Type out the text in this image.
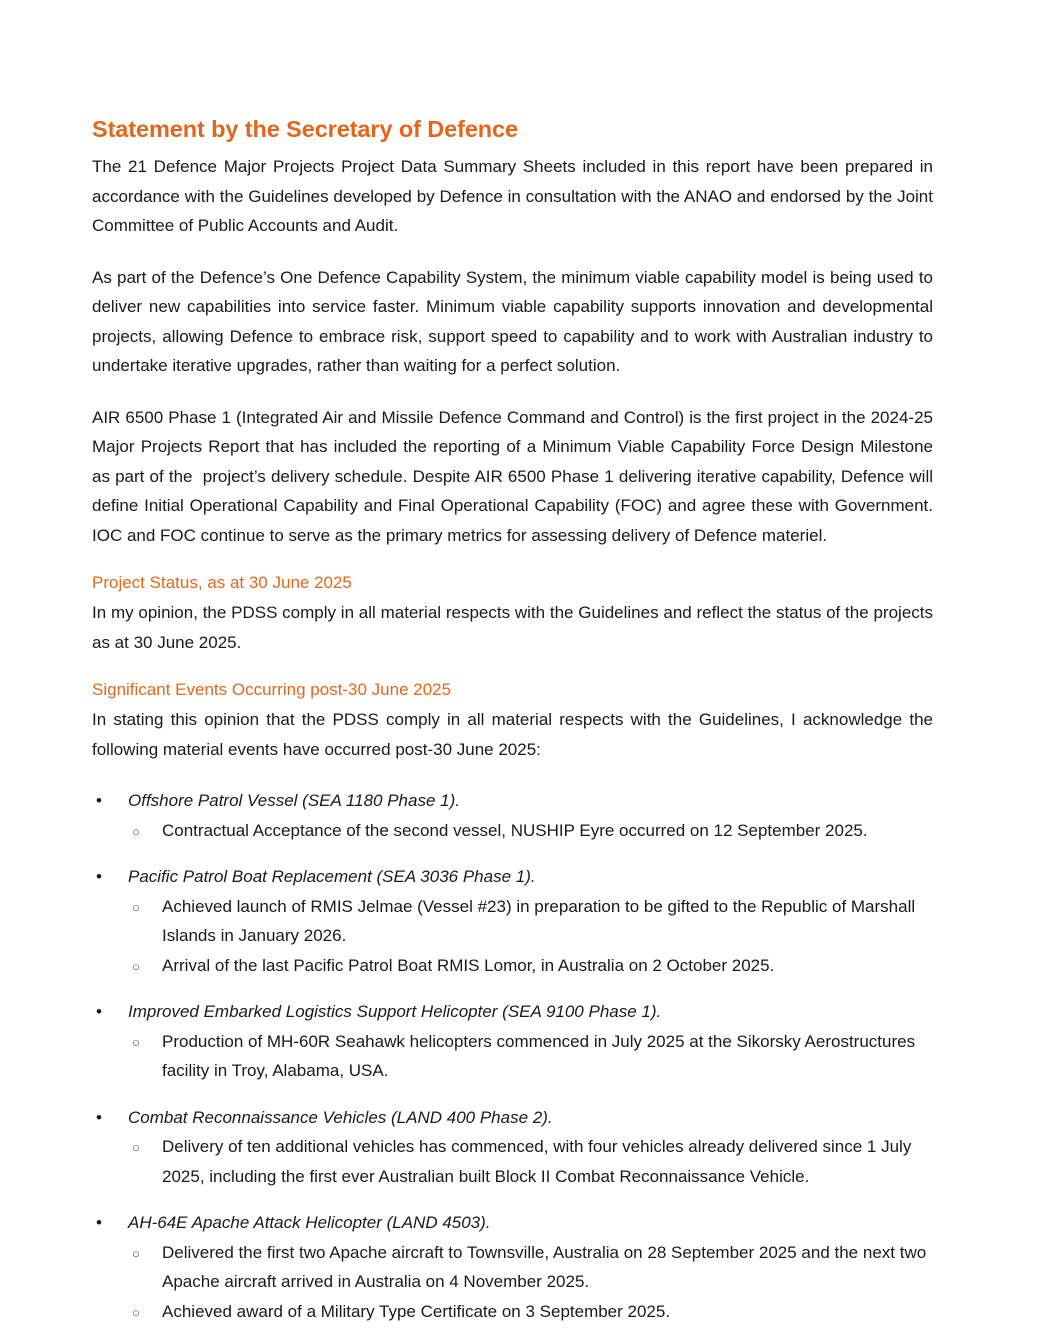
Statement by the Secretary of Defence

The 21 Defence Major Projects Project Data Summary Sheets included in this report have been prepared in accordance with the Guidelines developed by Defence in consultation with the ANAO and endorsed by the Joint Committee of Public Accounts and Audit.

As part of the Defence’s One Defence Capability System, the minimum viable capability model is being used to deliver new capabilities into service faster. Minimum viable capability supports innovation and developmental projects, allowing Defence to embrace risk, support speed to capability and to work with Australian industry to undertake iterative upgrades, rather than waiting for a perfect solution.

AIR 6500 Phase 1 (Integrated Air and Missile Defence Command and Control) is the first project in the 2024-25 Major Projects Report that has included the reporting of a Minimum Viable Capability Force Design Milestone as part of the  project’s delivery schedule. Despite AIR 6500 Phase 1 delivering iterative capability, Defence will define Initial Operational Capability and Final Operational Capability (FOC) and agree these with Government. IOC and FOC continue to serve as the primary metrics for assessing delivery of Defence materiel.

Project Status, as at 30 June 2025

In my opinion, the PDSS comply in all material respects with the Guidelines and reflect the status of the projects as at 30 June 2025.

Significant Events Occurring post-30 June 2025

In stating this opinion that the PDSS comply in all material respects with the Guidelines, I acknowledge the following material events have occurred post-30 June 2025:

• Offshore Patrol Vessel (SEA 1180 Phase 1).
○ Contractual Acceptance of the second vessel, NUSHIP Eyre occurred on 12 September 2025.
• Pacific Patrol Boat Replacement (SEA 3036 Phase 1).
○ Achieved launch of RMIS Jelmae (Vessel #23) in preparation to be gifted to the Republic of Marshall Islands in January 2026.
○ Arrival of the last Pacific Patrol Boat RMIS Lomor, in Australia on 2 October 2025.
• Improved Embarked Logistics Support Helicopter (SEA 9100 Phase 1).
○ Production of MH-60R Seahawk helicopters commenced in July 2025 at the Sikorsky Aerostructures facility in Troy, Alabama, USA.
• Combat Reconnaissance Vehicles (LAND 400 Phase 2).
○ Delivery of ten additional vehicles has commenced, with four vehicles already delivered since 1 July 2025, including the first ever Australian built Block II Combat Reconnaissance Vehicle.
• AH-64E Apache Attack Helicopter (LAND 4503).
○ Delivered the first two Apache aircraft to Townsville, Australia on 28 September 2025 and the next two Apache aircraft arrived in Australia on 4 November 2025.
○ Achieved award of a Military Type Certificate on 3 September 2025.
